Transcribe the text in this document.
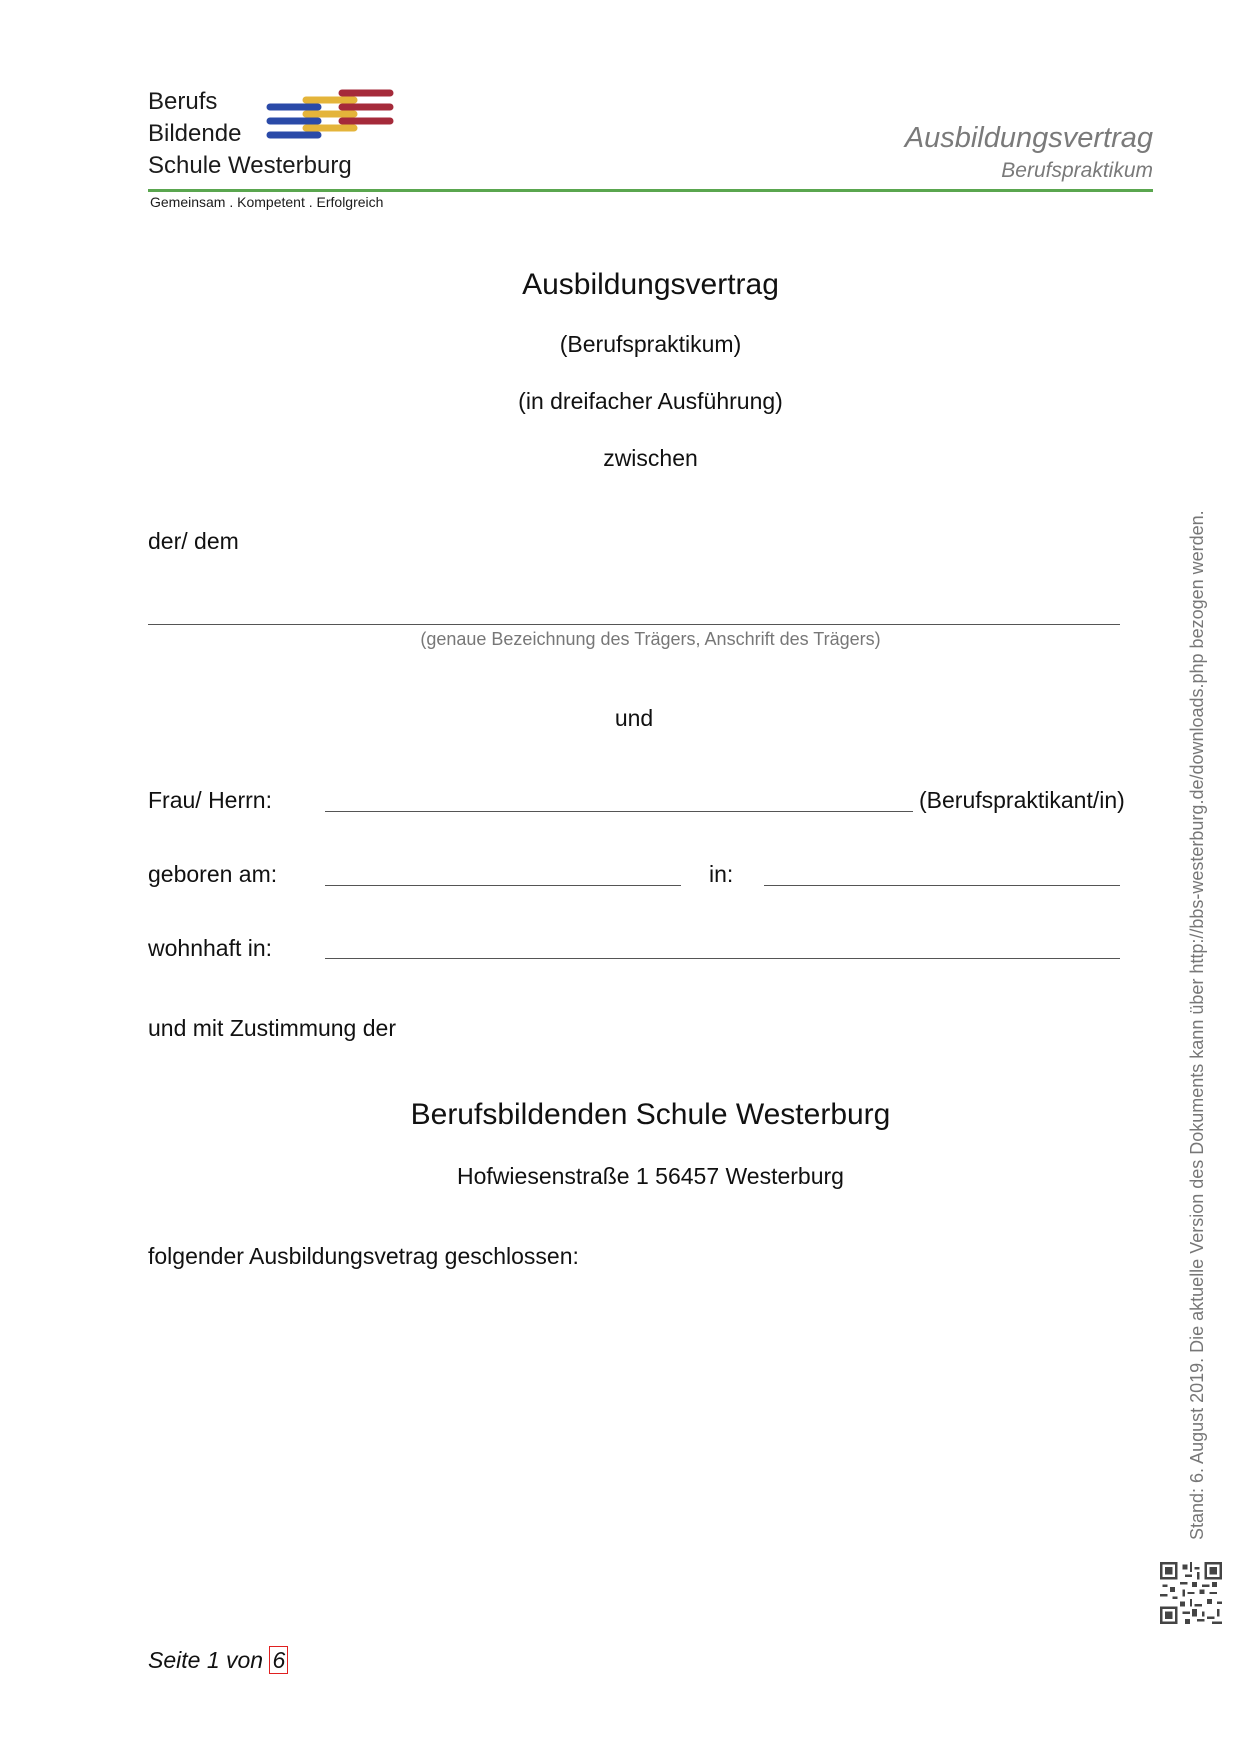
Berufs
Bildende
Schule Westerburg
Gemeinsam . Kompetent . Erfolgreich
Ausbildungsvertrag
Berufspraktikum
Ausbildungsvertrag
(Berufspraktikum)
(in dreifacher Ausführung)
zwischen
der/ dem
(genaue Bezeichnung des Trägers, Anschrift des Trägers)
und
Frau/ Herrn:	(Berufspraktikant/in)
geboren am:	in:
wohnhaft in:
und mit Zustimmung der
Berufsbildenden Schule Westerburg
Hofwiesenstraße 1 56457 Westerburg
folgender Ausbildungsvetrag geschlossen:	Stand: 6. August 2019. Die aktuelle Version des Dokuments kann über http://bbs-westerburg.de/downloads.php bezogen werden.
Seite 1 von 6
